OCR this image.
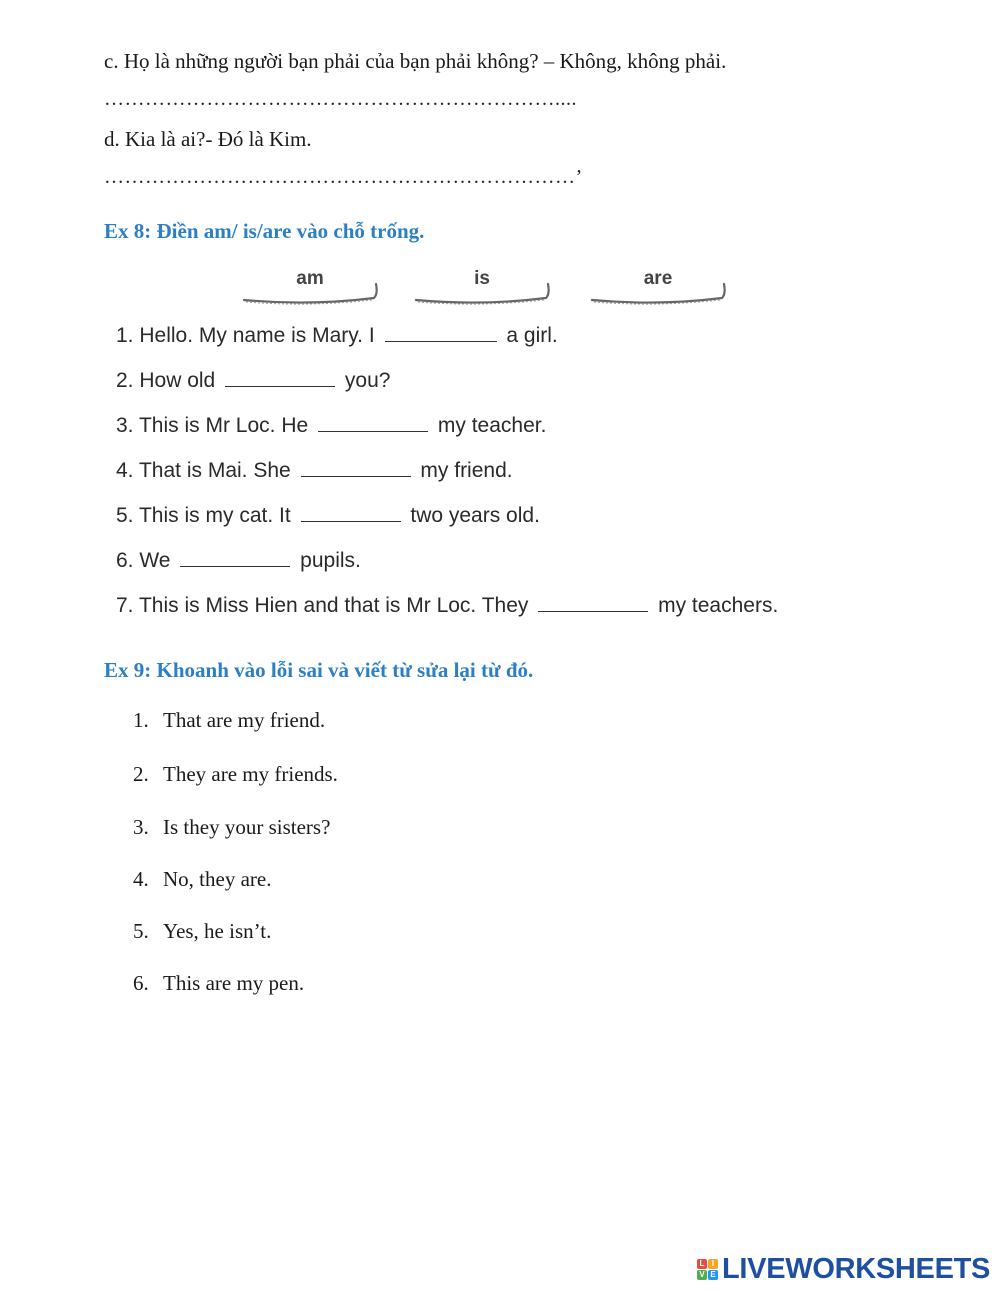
c. Họ là những người bạn phải của bạn phải không? – Không, không phải.
…………………………………………………………....
d. Kia là ai?- Đó là Kim.
……………………………………………………………’
Ex 8: Điền am/ is/are vào chỗ trống.
am	is	are
1. Hello. My name is Mary. I	a girl.
2. How old	you?
3. This is Mr Loc. He	my teacher.
4. That is Mai. She	my friend.
5. This is my cat. It	two years old.
6. We	pupils.
7. This is Miss Hien and that is Mr Loc. They	my teachers.
Ex 9: Khoanh vào lỗi sai và viết từ sửa lại từ đó.
1. That are my friend.
2. They are my friends.
3. Is they your sisters?
4. No, they are.
5. Yes, he isn’t.
6. This are my pen.
L I
V E LIVEWORKSHEETS
